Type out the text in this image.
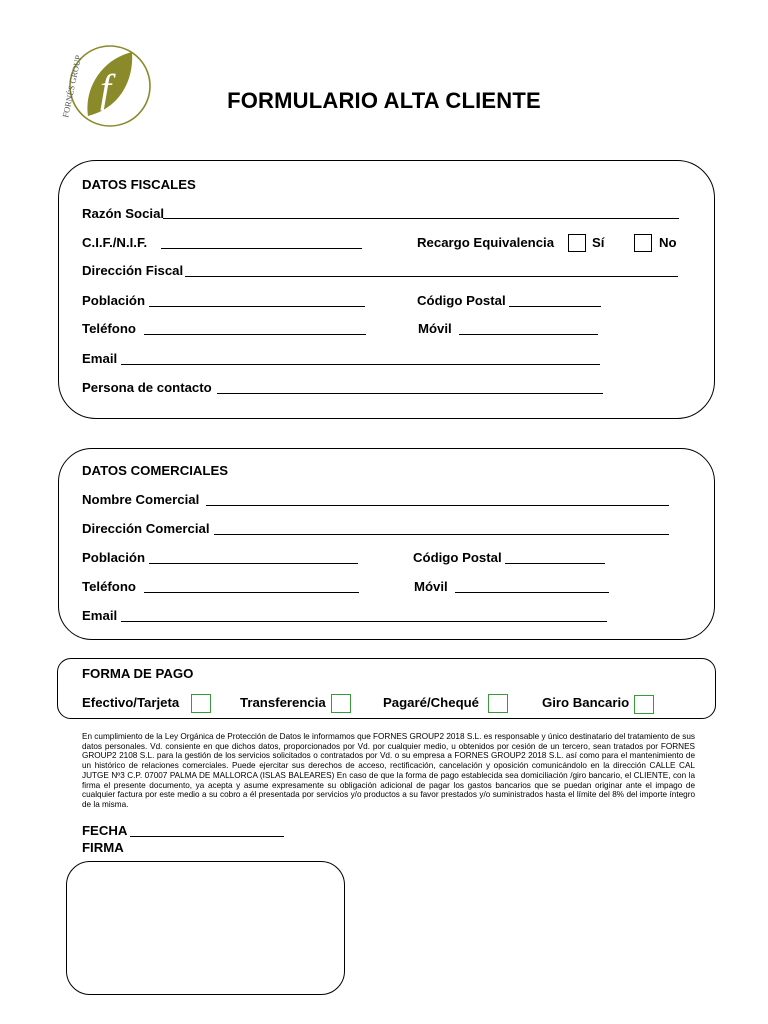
f
FORNÉS GROUP	FORMULARIO ALTA CLIENTE
DATOS FISCALES
Razón Social
C.I.F./N.I.F.	Recargo Equivalencia	Sí	No
Dirección Fiscal
Población	Código Postal
Teléfono	Móvil
Email
Persona de contacto
DATOS COMERCIALES
Nombre Comercial
Dirección Comercial
Población	Código Postal
Teléfono	Móvil
Email
FORMA DE PAGO
Efectivo/Tarjeta	Transferencia	Pagaré/Chequé	Giro Bancario
En cumplimiento de la Ley Orgánica de Protección de Datos le informamos que FORNES GROUP2 2018 S.L. es responsable y único destinatario del tratamiento de sus datos personales. Vd. consiente en que dichos datos, proporcionados por Vd. por cualquier medio, u obtenidos por cesión de un tercero, sean tratados por FORNES GROUP2 2108 S.L. para la gestión de los servicios solicitados o contratados por Vd. o su empresa a FORNES GROUP2 2018 S.L. así como para el mantenimiento de un histórico de relaciones comerciales. Puede ejercitar sus derechos de acceso, rectificación, cancelación y oposición comunicándolo en la dirección CALLE CAL JUTGE Nº3 C.P. 07007 PALMA DE MALLORCA (ISLAS BALEARES) En caso de que la forma de pago establecida sea domiciliación /giro bancario, el CLIENTE, con la firma el presente documento, ya acepta y asume expresamente su obligación adicional de pagar los gastos bancarios que se puedan originar ante el impago de cualquier factura por este medio a su cobro a él presentada por servicios y/o productos a su favor prestados y/o suministrados hasta el límite del 8% del importe íntegro de la misma.
FECHA
FIRMA
